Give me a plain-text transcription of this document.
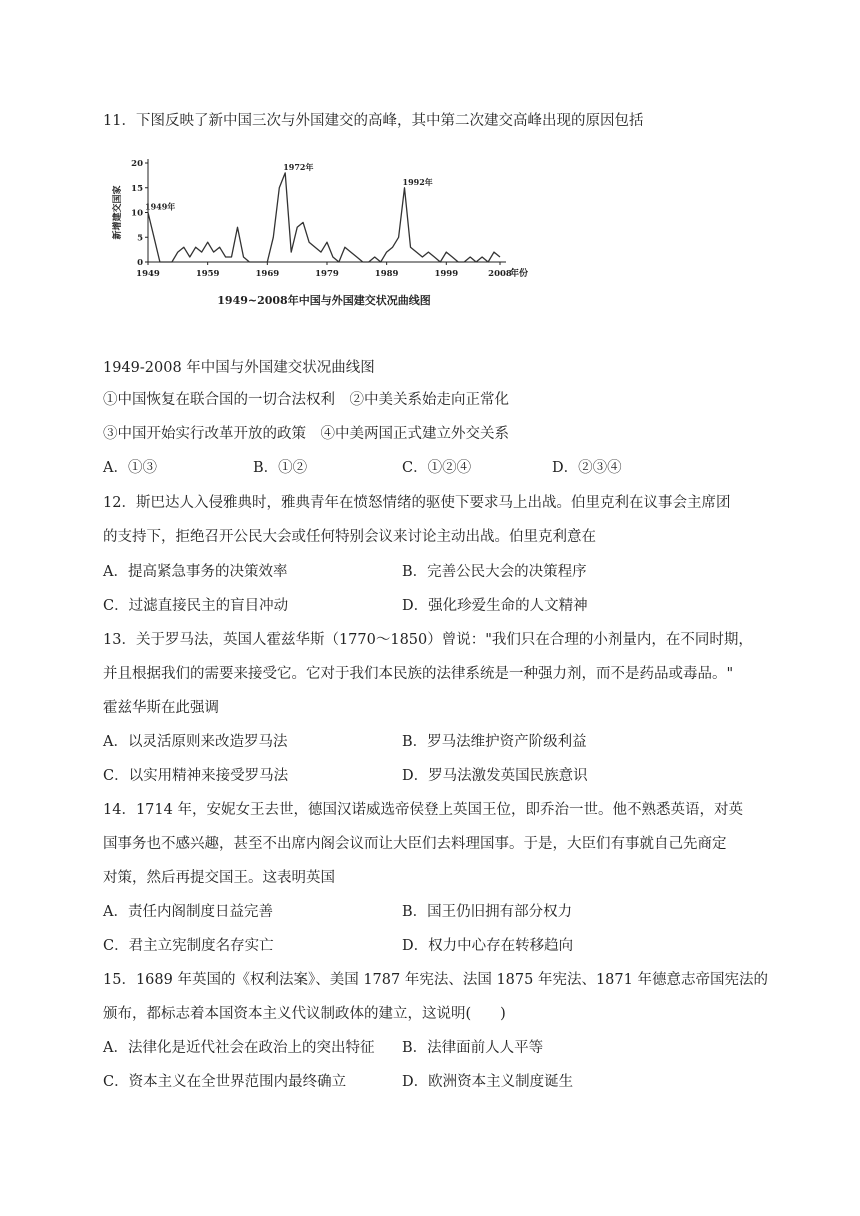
11．下图反映了新中国三次与外国建交的高峰，其中第二次建交高峰出现的原因包括
0
5
10
15
20
1949	1959	1969	1979	1989	1999	2008
1949年
1972年
1992年
新增建交国家
年份
1949~2008年中国与外国建交状况曲线图
1949-2008 年中国与外国建交状况曲线图
①中国恢复在联合国的一切合法权利　②中美关系始走向正常化
③中国开始实行改革开放的政策　④中美两国正式建立外交关系
A．①③	B．①②	C．①②④	D．②③④
12．斯巴达人入侵雅典时，雅典青年在愤怒情绪的驱使下要求马上出战。伯里克利在议事会主席团
的支持下，拒绝召开公民大会或任何特别会议来讨论主动出战。伯里克利意在
A．提高紧急事务的决策效率	B．完善公民大会的决策程序
C．过滤直接民主的盲目冲动	D．强化珍爱生命的人文精神
13．关于罗马法，英国人霍兹华斯（1770～1850）曾说："我们只在合理的小剂量内，在不同时期，
并且根据我们的需要来接受它。它对于我们本民族的法律系统是一种强力剂，而不是药品或毒品。"
霍兹华斯在此强调
A．以灵活原则来改造罗马法	B．罗马法维护资产阶级利益
C．以实用精神来接受罗马法	D．罗马法激发英国民族意识
14．1714 年，安妮女王去世，德国汉诺威选帝侯登上英国王位，即乔治一世。他不熟悉英语，对英
国事务也不感兴趣，甚至不出席内阁会议而让大臣们去料理国事。于是，大臣们有事就自己先商定
对策，然后再提交国王。这表明英国
A．责任内阁制度日益完善	B．国王仍旧拥有部分权力
C．君主立宪制度名存实亡	D．权力中心存在转移趋向
15．1689 年英国的《权利法案》、美国 1787 年宪法、法国 1875 年宪法、1871 年德意志帝国宪法的
颁布，都标志着本国资本主义代议制政体的建立，这说明(　　)
A．法律化是近代社会在政治上的突出特征 B．法律面前人人平等
C．资本主义在全世界范围内最终确立	D．欧洲资本主义制度诞生
